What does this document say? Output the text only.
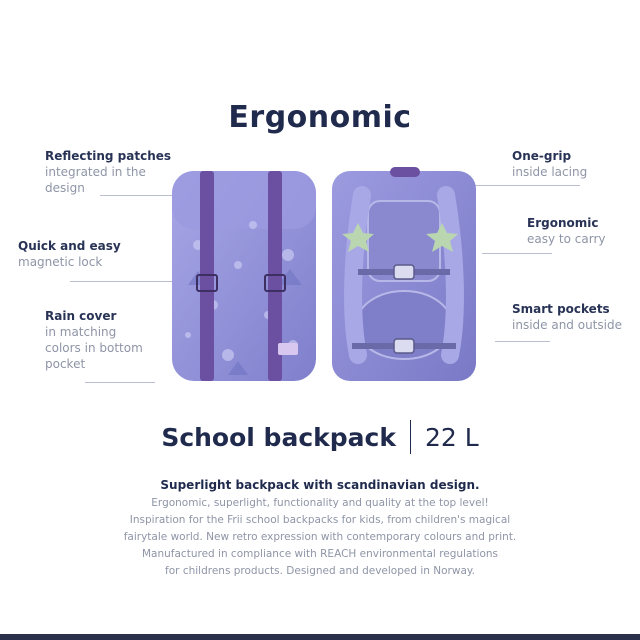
Ergonomic
Reflecting patches
integrated in the
design
Quick and easy
magnetic lock
Rain cover
in matching
colors in bottom
pocket
One-grip
inside lacing
Ergonomic
easy to carry
Smart pockets
inside and outside
School backpack 22 L
Superlight backpack with scandinavian design.
Ergonomic, superlight, functionality and quality at the top level!
Inspiration for the Frii school backpacks for kids, from children's magical
fairytale world. New retro expression with contemporary colours and print.
Manufactured in compliance with REACH environmental regulations
for childrens products. Designed and developed in Norway.
